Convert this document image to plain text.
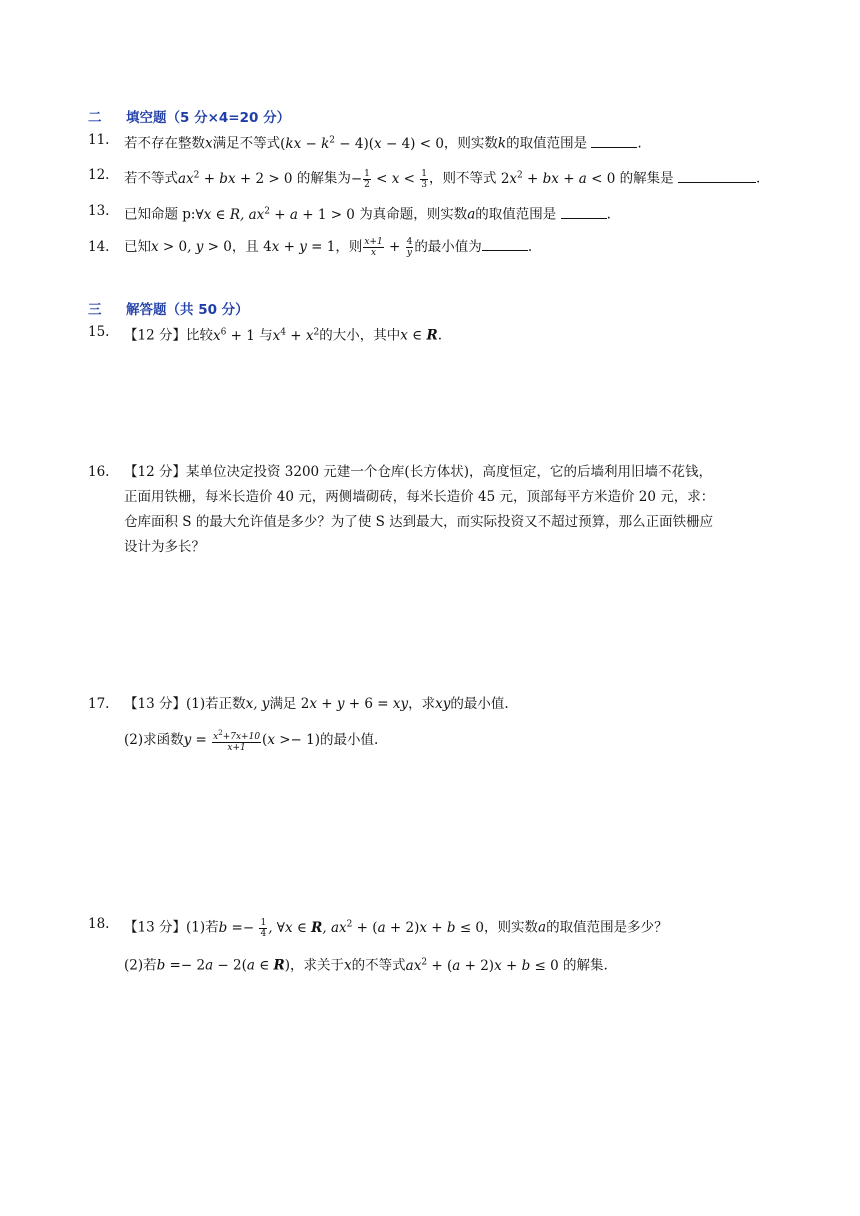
二 填空题（5 分×4=20 分）
11.	若不存在整数x满足不等式$(kx - k^2 - 4)(x - 4) < 0$，则实数k的取值范围是	.
12.	若不等式$ax^2$ + bx + 2 > 0 的解集为− $\frac{1}{2} < x < \frac{1}{3}$ ，则不等式 $2x^2$ + bx + a < 0 的解集是	.
13.	已知命题 p:∀x ∈ R, $ax^2 + a + 1 > 0$ 为真命题，则实数a的取值范围是	.
14.	已知x > 0, y > 0，且 4x + y = 1，则 $\frac{x+1}{x} + \frac{4}{y}$ 的最小值为	.
三 解答题（共 50 分）
15.	【12 分】比较$x^6 + 1$ 与$x^4 + x^2$的大小，其中x ∈ R.
16.	【12 分】某单位决定投资 3200 元建一个仓库(长方体状)，高度恒定，它的后墙利用旧墙不花钱，
正面用铁栅，每米长造价 40 元，两侧墙砌砖，每米长造价 45 元，顶部每平方米造价 20 元，求：
仓库面积 S 的最大允许值是多少？为了使 S 达到最大，而实际投资又不超过预算，那么正面铁栅应
设计为多长？
17.	【13 分】(1)若正数x, y满足 2x + y + 6 = xy，求xy的最小值.
(2)求函数$y = \frac{x^2+7x+10}{x+1} (x >- 1)$的最小值.
18.	【13 分】(1)若$b =- \frac{1}{4}$ , ∀x ∈ R, $ax^2 + (a + 2)x + b \le 0$，则实数a的取值范围是多少？
(2)若b =− 2a − 2(a ∈ R)，求关于x的不等式$ax^2 + (a + 2)x + b \le 0$ 的解集.
